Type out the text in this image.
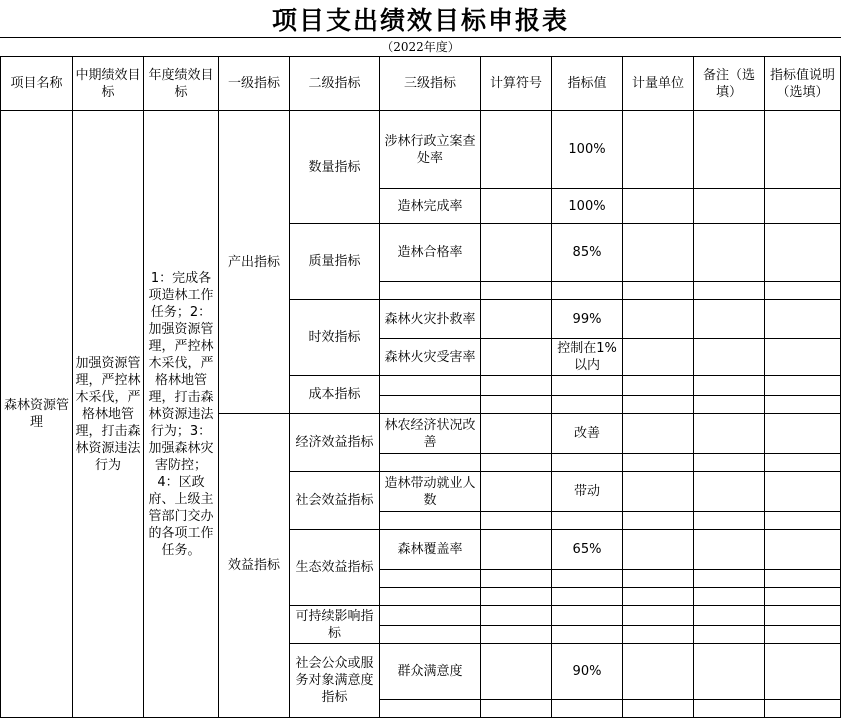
项目支出绩效目标申报表
（2022年度）
项目名称	中期绩效目标	年度绩效目标	一级指标	二级指标	三级指标	计算符号	指标值	计量单位	备注（选填）	指标值说明（选填）
森林资源管理	加强资源管理，严控林木采伐，严格林地管理，打击森林资源违法行为	1：完成各项造林工作任务；2：加强资源管理，严控林木采伐，严格林地管理，打击森林资源违法行为；3：加强森林灾害防控；4：区政府、上级主管部门交办的各项工作任务。	产出指标	数量指标	涉林行政立案查处率		100%			
					造林完成率		100%			
				质量指标	造林合格率		85%			

				时效指标	森林火灾扑救率		99%			
					森林火灾受害率		控制在1%以内			
				成本指标						

			效益指标	经济效益指标	林农经济状况改善		改善			

				社会效益指标	造林带动就业人数		带动			

				生态效益指标	森林覆盖率		65%			

				可持续影响指标						

				社会公众或服务对象满意度指标	群众满意度		90%			
